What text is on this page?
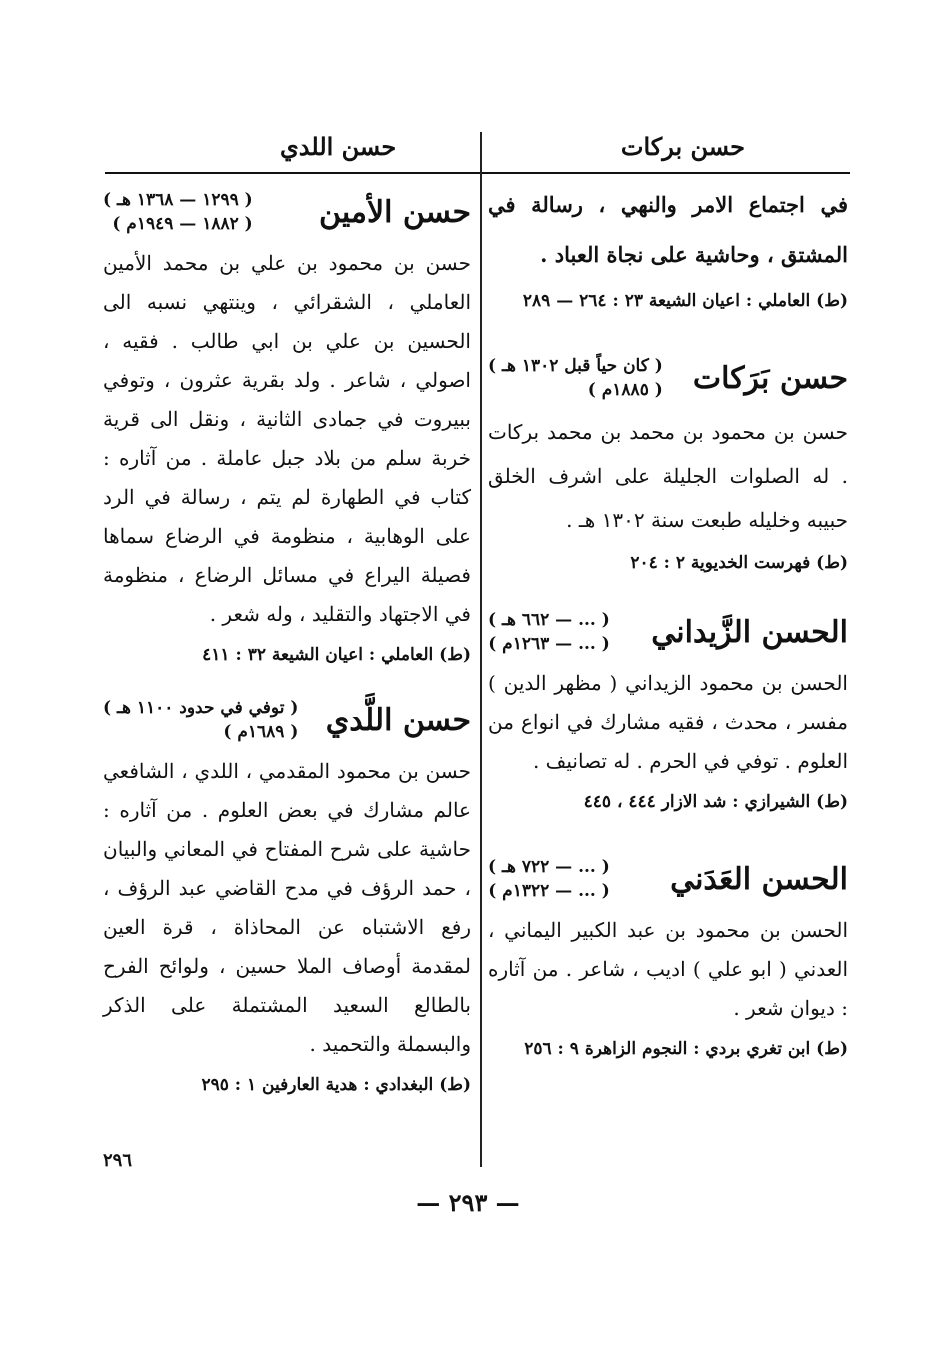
حسن بركات
حسن اللدي
في اجتماع الامر والنهي ، رسالة في المشتق ، وحاشية على نجاة العباد .
(ط) العاملي : اعيان الشيعة ٢٣ : ٢٦٤ — ٢٨٩
حسن بَرَكات
( كان حياً قبل ١٣٠٢ هـ )
( ١٨٨٥م )
حسن بن محمود بن محمد بن محمد بركات . له الصلوات الجليلة على اشرف الخلق حبيبه وخليله طبعت سنة ١٣٠٢ هـ .
(ط) فهرست الخديوية ٢ : ٢٠٤
الحسن الزَّيداني
( ... — ٦٦٢ هـ )
( ... — ١٢٦٣م )
الحسن بن محمود الزيداني ( مظهر الدين ) مفسر ، محدث ، فقيه مشارك في انواع من العلوم . توفي في الحرم . له تصانيف .
(ط) الشيرازي : شد الازار ٤٤٤ ، ٤٤٥
الحسن العَدَني
( ... — ٧٢٢ هـ )
( ... — ١٣٢٢م )
الحسن بن محمود بن عبد الكبير اليماني ، العدني ( ابو علي ) اديب ، شاعر . من آثاره : ديوان شعر .
(ط) ابن تغري بردي : النجوم الزاهرة ٩ : ٢٥٦
حسن الأمين
( ١٢٩٩ — ١٣٦٨ هـ )
( ١٨٨٢ — ١٩٤٩م )
حسن بن محمود بن علي بن محمد الأمين العاملي ، الشقرائي ، وينتهي نسبه الى الحسين بن علي بن ابي طالب . فقيه ، اصولي ، شاعر . ولد بقرية عثرون ، وتوفي ببيروت في جمادى الثانية ، ونقل الى قرية خربة سلم من بلاد جبل عاملة . من آثاره : كتاب في الطهارة لم يتم ، رسالة في الرد على الوهابية ، منظومة في الرضاع سماها فصيلة اليراع في مسائل الرضاع ، منظومة في الاجتهاد والتقليد ، وله شعر .
(ط) العاملي : اعيان الشيعة ٣٢ : ٤١١
حسن اللَّدي
( توفي في حدود ١١٠٠ هـ )
( ١٦٨٩م )
حسن بن محمود المقدمي ، اللدي ، الشافعي عالم مشارك في بعض العلوم . من آثاره : حاشية على شرح المفتاح في المعاني والبيان ، حمد الرؤف في مدح القاضي عبد الرؤف ، رفع الاشتباه عن المحاذاة ، قرة العين لمقدمة أوصاف الملا حسين ، ولوائح الفرح بالطالع السعيد المشتملة على الذكر والبسملة والتحميد .
(ط) البغدادي : هدية العارفين ١ : ٢٩٥
٢٩٦
— ٢٩٣ —
